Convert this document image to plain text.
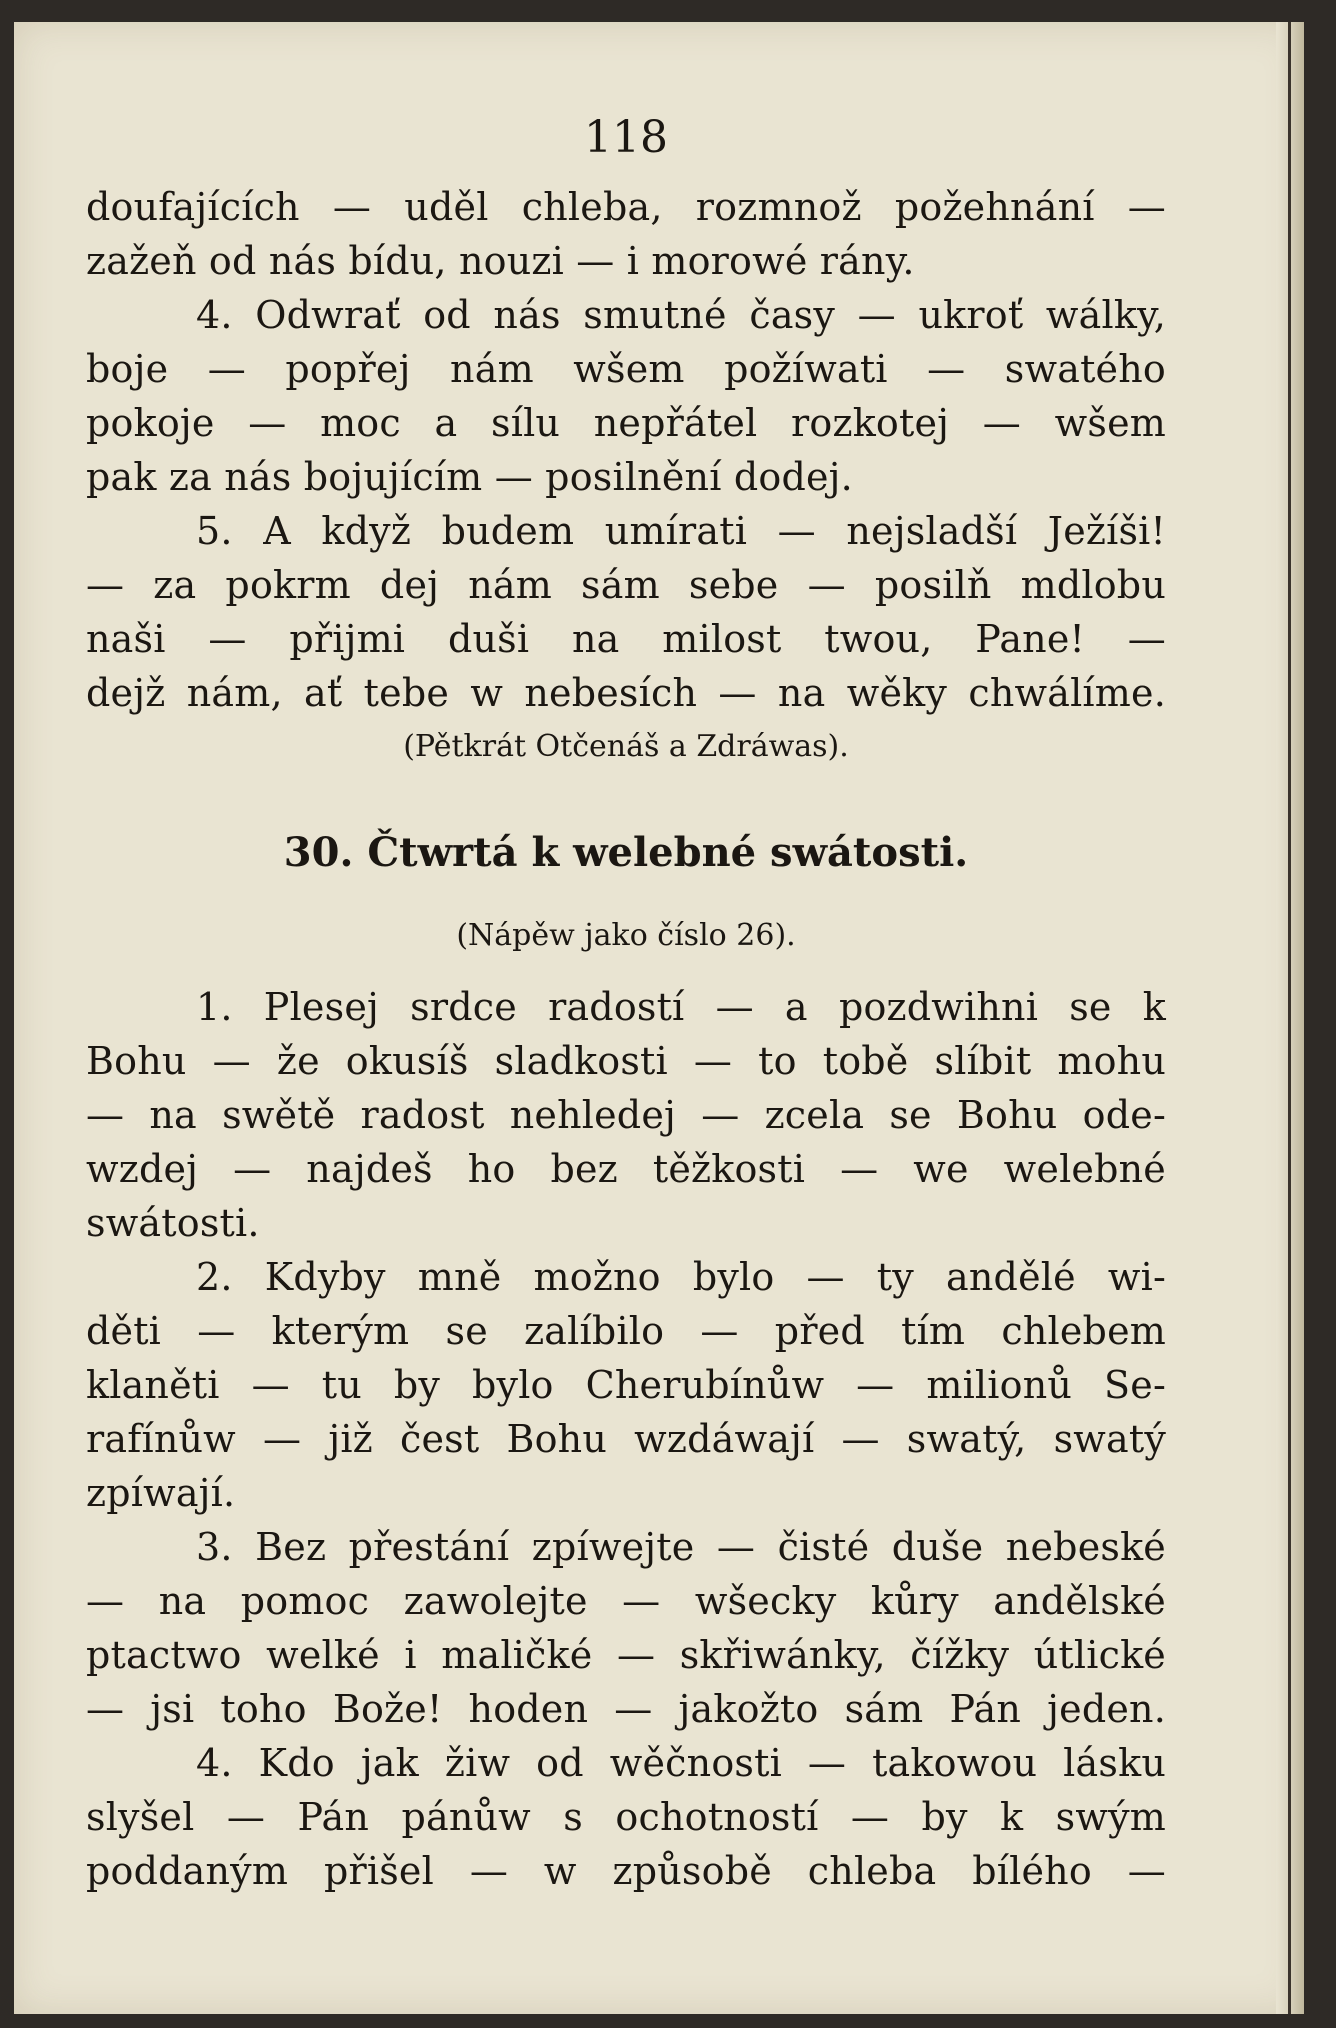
118
doufajících — uděl chleba, rozmnož požehnání —
zažeň od nás bídu, nouzi — i morowé rány.
4. Odwrať od nás smutné časy — ukroť wálky,
boje — popřej nám wšem požíwati — swatého
pokoje — moc a sílu nepřátel rozkotej — wšem
pak za nás bojujícím — posilnění dodej.
5. A když budem umírati — nejsladší Ježíši!
— za pokrm dej nám sám sebe — posilň mdlobu
naši — přijmi duši na milost twou, Pane! —
dejž nám, ať tebe w nebesích — na wěky chwálíme.
(Pětkrát Otčenáš a Zdráwas).
30. Čtwrtá k welebné swátosti.
(Nápěw jako číslo 26).
1. Plesej srdce radostí — a pozdwihni se k
Bohu — že okusíš sladkosti — to tobě slíbit mohu
— na swětě radost nehledej — zcela se Bohu ode-
wzdej — najdeš ho bez těžkosti — we welebné
swátosti.
2. Kdyby mně možno bylo — ty andělé wi-
děti — kterým se zalíbilo — před tím chlebem
klaněti — tu by bylo Cherubínůw — milionů Se-
rafínůw — již čest Bohu wzdáwají — swatý, swatý
zpíwají.
3. Bez přestání zpíwejte — čisté duše nebeské
— na pomoc zawolejte — wšecky kůry andělské
ptactwo welké i maličké — skřiwánky, čížky útlické
— jsi toho Bože! hoden — jakožto sám Pán jeden.
4. Kdo jak žiw od wěčnosti — takowou lásku
slyšel — Pán pánůw s ochotností — by k swým
poddaným přišel — w způsobě chleba bílého —
